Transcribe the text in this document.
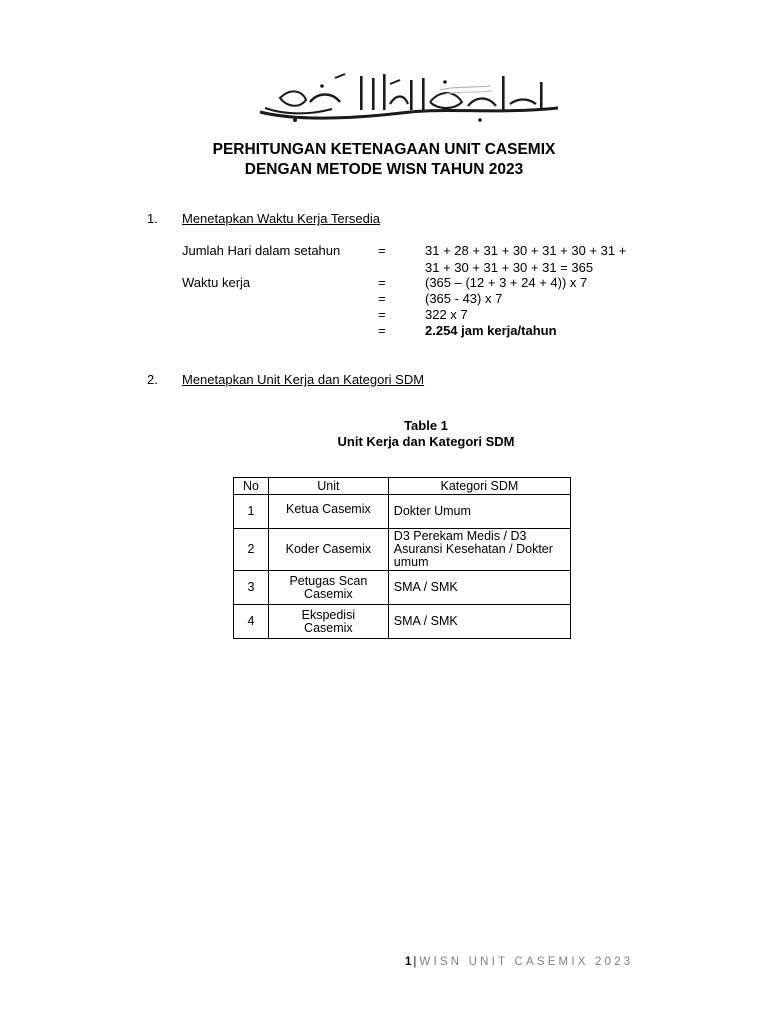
PERHITUNGAN KETENAGAAN UNIT CASEMIX
DENGAN METODE WISN TAHUN 2023
1. Menetapkan Waktu Kerja Tersedia
Jumlah Hari dalam setahun	=	31 + 28 + 31 + 30 + 31 + 30 + 31 +
31 + 30 + 31 + 30 + 31 = 365
Waktu kerja	=	(365 – (12 + 3 + 24 + 4)) x 7
=	(365 - 43) x 7
=	322 x 7
=	2.254 jam kerja/tahun
2. Menetapkan Unit Kerja dan Kategori SDM
Table 1
Unit Kerja dan Kategori SDM
No	Unit	Kategori SDM
1	Ketua Casemix	Dokter Umum
2	Koder Casemix	D3 Perekam Medis / D3 Asuransi Kesehatan / Dokter umum
3	Petugas Scan Casemix	SMA / SMK
4	Ekspedisi Casemix	SMA / SMK
1 | WISN UNIT CASEMIX 2023
